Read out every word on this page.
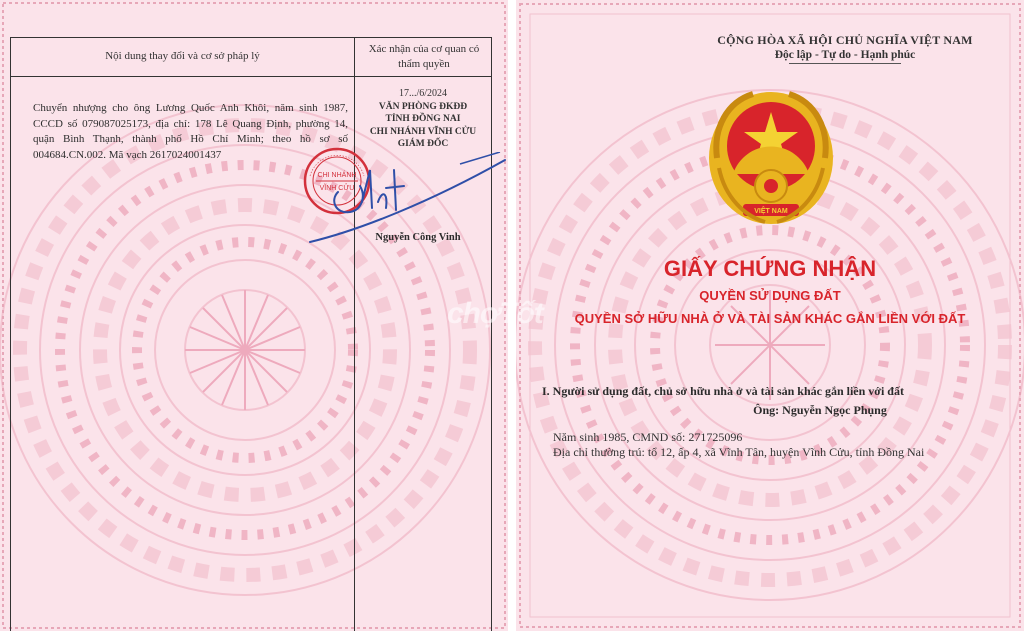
Nội dung thay đổi và cơ sở pháp lý
Xác nhận của cơ quan có
thẩm quyền
Chuyển nhượng cho ông Lương Quốc Anh Khôi, năm sinh 1987, CCCD số 079087025173, địa chỉ: 178 Lê Quang Định, phường 14, quận Bình Thạnh, thành phố Hồ Chí Minh; theo hồ sơ số 004684.CN.002. Mã vạch 2617024001437
17.../6/2024
VĂN PHÒNG ĐKĐĐ
TỈNH ĐỒNG NAI
CHI NHÁNH VĨNH CỬU
GIÁM ĐỐC
CHI NHÁNH
VĨNH CỬU
Nguyễn Công Vinh
CỘNG HÒA XÃ HỘI CHỦ NGHĨA VIỆT NAM
Độc lập - Tự do - Hạnh phúc
VIỆT NAM
GIẤY CHỨNG NHẬN
QUYỀN SỬ DỤNG ĐẤT
QUYỀN SỞ HỮU NHÀ Ở VÀ TÀI SẢN KHÁC GẮN LIỀN VỚI ĐẤT
I. Người sử dụng đất, chủ sở hữu nhà ở và tài sản khác gắn liền với đất
Ông: Nguyễn Ngọc Phụng
Năm sinh 1985, CMND số: 271725096
Địa chỉ thường trú: tổ 12, ấp 4, xã Vĩnh Tân, huyện Vĩnh Cửu, tỉnh Đồng Nai
chợTốt
